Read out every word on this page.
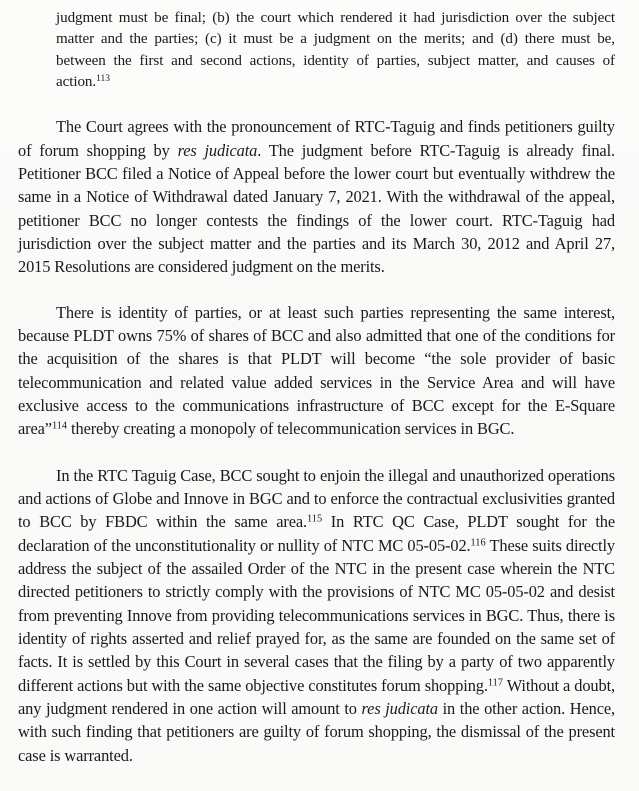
judgment must be final; (b) the court which rendered it had jurisdiction over the subject matter and the parties; (c) it must be a judgment on the merits; and (d) there must be, between the first and second actions, identity of parties, subject matter, and causes of action.$^{113}$

The Court agrees with the pronouncement of RTC-Taguig and finds petitioners guilty of forum shopping by res judicata. The judgment before RTC-Taguig is already final. Petitioner BCC filed a Notice of Appeal before the lower court but eventually withdrew the same in a Notice of Withdrawal dated January 7, 2021. With the withdrawal of the appeal, petitioner BCC no longer contests the findings of the lower court. RTC-Taguig had jurisdiction over the subject matter and the parties and its March 30, 2012 and April 27, 2015 Resolutions are considered judgment on the merits.

There is identity of parties, or at least such parties representing the same interest, because PLDT owns 75% of shares of BCC and also admitted that one of the conditions for the acquisition of the shares is that PLDT will become “the sole provider of basic telecommunication and related value added services in the Service Area and will have exclusive access to the communications infrastructure of BCC except for the E-Square area”$^{114}$ thereby creating a monopoly of telecommunication services in BGC.

In the RTC Taguig Case, BCC sought to enjoin the illegal and unauthorized operations and actions of Globe and Innove in BGC and to enforce the contractual exclusivities granted to BCC by FBDC within the same area.$^{115}$ In RTC QC Case, PLDT sought for the declaration of the unconstitutionality or nullity of NTC MC 05-05-02.$^{116}$ These suits directly address the subject of the assailed Order of the NTC in the present case wherein the NTC directed petitioners to strictly comply with the provisions of NTC MC 05-05-02 and desist from preventing Innove from providing telecommunications services in BGC. Thus, there is identity of rights asserted and relief prayed for, as the same are founded on the same set of facts. It is settled by this Court in several cases that the filing by a party of two apparently different actions but with the same objective constitutes forum shopping.$^{117}$ Without a doubt, any judgment rendered in one action will amount to res judicata in the other action. Hence, with such finding that petitioners are guilty of forum shopping, the dismissal of the present case is warranted.
